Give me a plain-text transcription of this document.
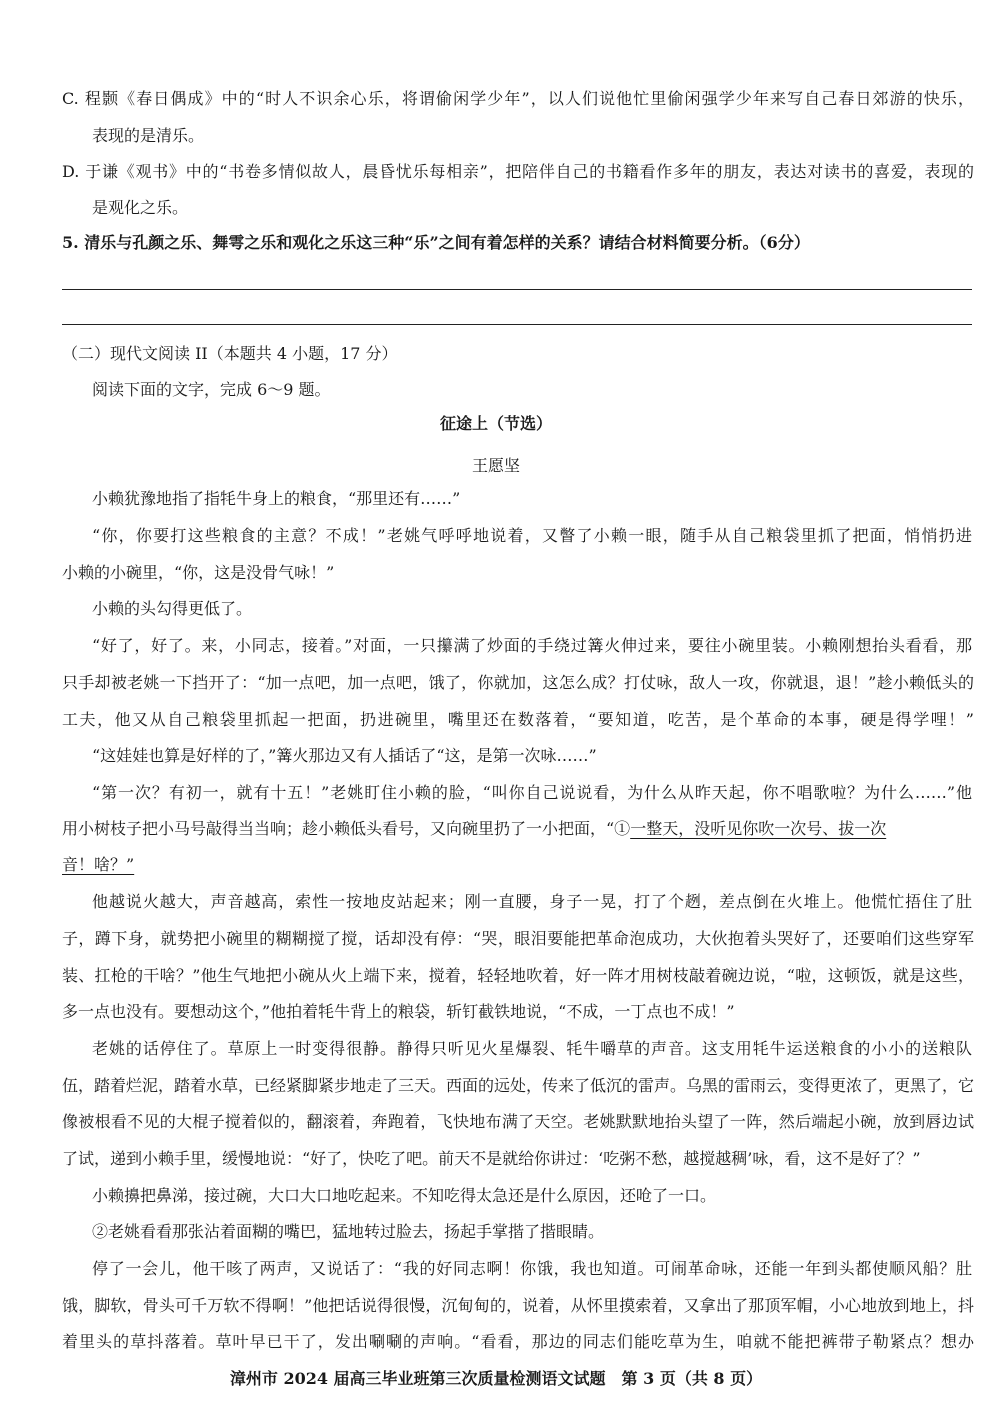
C. 程颢《春日偶成》中的“时人不识余心乐，将谓偷闲学少年”，以人们说他忙里偷闲强学少年来写自己春日郊游的快乐，
表现的是清乐。
D. 于谦《观书》中的“书卷多情似故人，晨昏忧乐每相亲”，把陪伴自己的书籍看作多年的朋友，表达对读书的喜爱，表现的
是观化之乐。
5. 清乐与孔颜之乐、舞雩之乐和观化之乐这三种“乐”之间有着怎样的关系？请结合材料简要分析。（6分）
（二）现代文阅读 II（本题共 4 小题，17 分）
阅读下面的文字，完成 6～9 题。
征途上（节选）
王愿坚
小赖犹豫地指了指牦牛身上的粮食，“那里还有……”
“你，你要打这些粮食的主意？不成！”老姚气呼呼地说着，又瞥了小赖一眼，随手从自己粮袋里抓了把面，悄悄扔进
小赖的小碗里，“你，这是没骨气咏！”
小赖的头勾得更低了。
“好了，好了。来，小同志，接着。”对面，一只攥满了炒面的手绕过篝火伸过来，要往小碗里装。小赖刚想抬头看看，那
只手却被老姚一下挡开了：“加一点吧，加一点吧，饿了，你就加，这怎么成？打仗咏，敌人一攻，你就退，退！”趁小赖低头的
工夫，他又从自己粮袋里抓起一把面，扔进碗里，嘴里还在数落着，“要知道，吃苦，是个革命的本事，硬是得学哩！”
“这娃娃也算是好样的了，”篝火那边又有人插话了“这，是第一次咏……”
“第一次？有初一，就有十五！”老姚盯住小赖的脸，“叫你自己说说看，为什么从昨天起，你不唱歌啦？为什么……”他
用小树枝子把小马号敲得当当响；趁小赖低头看号，又向碗里扔了一小把面，“①一整天，没听见你吹一次号、拔一次
音！啥？”
他越说火越大，声音越高，索性一按地皮站起来；刚一直腰，身子一晃，打了个趔，差点倒在火堆上。他慌忙捂住了肚
子，蹲下身，就势把小碗里的糊糊搅了搅，话却没有停：“哭，眼泪要能把革命泡成功，大伙抱着头哭好了，还要咱们这些穿军
装、扛枪的干啥？”他生气地把小碗从火上端下来，搅着，轻轻地吹着，好一阵才用树枝敲着碗边说，“啦，这顿饭，就是这些，
多一点也没有。要想动这个，”他拍着牦牛背上的粮袋，斩钉截铁地说，“不成，一丁点也不成！”
老姚的话停住了。草原上一时变得很静。静得只听见火星爆裂、牦牛嚼草的声音。这支用牦牛运送粮食的小小的送粮队
伍，踏着烂泥，踏着水草，已经紧脚紧步地走了三天。西面的远处，传来了低沉的雷声。乌黑的雷雨云，变得更浓了，更黑了，它
像被根看不见的大棍子搅着似的，翻滚着，奔跑着，飞快地布满了天空。老姚默默地抬头望了一阵，然后端起小碗，放到唇边试
了试，递到小赖手里，缓慢地说：“好了，快吃了吧。前天不是就给你讲过：‘吃粥不愁，越搅越稠’咏，看，这不是好了？”
小赖擤把鼻涕，接过碗，大口大口地吃起来。不知吃得太急还是什么原因，还呛了一口。
②老姚看看那张沾着面糊的嘴巴，猛地转过脸去，扬起手掌揩了揩眼睛。
停了一会儿，他干咳了两声，又说话了：“我的好同志啊！你饿，我也知道。可闹革命咏，还能一年到头都使顺风船？肚
饿，脚软，骨头可千万软不得啊！”他把话说得很慢，沉甸甸的，说着，从怀里摸索着，又拿出了那顶军帽，小心地放到地上，抖
着里头的草抖落着。草叶早已干了，发出唰唰的声响。“看看，那边的同志们能吃草为生，咱就不能把裤带子勒紧点？想办
漳州市 2024 届高三毕业班第三次质量检测语文试题　第 3 页（共 8 页）
